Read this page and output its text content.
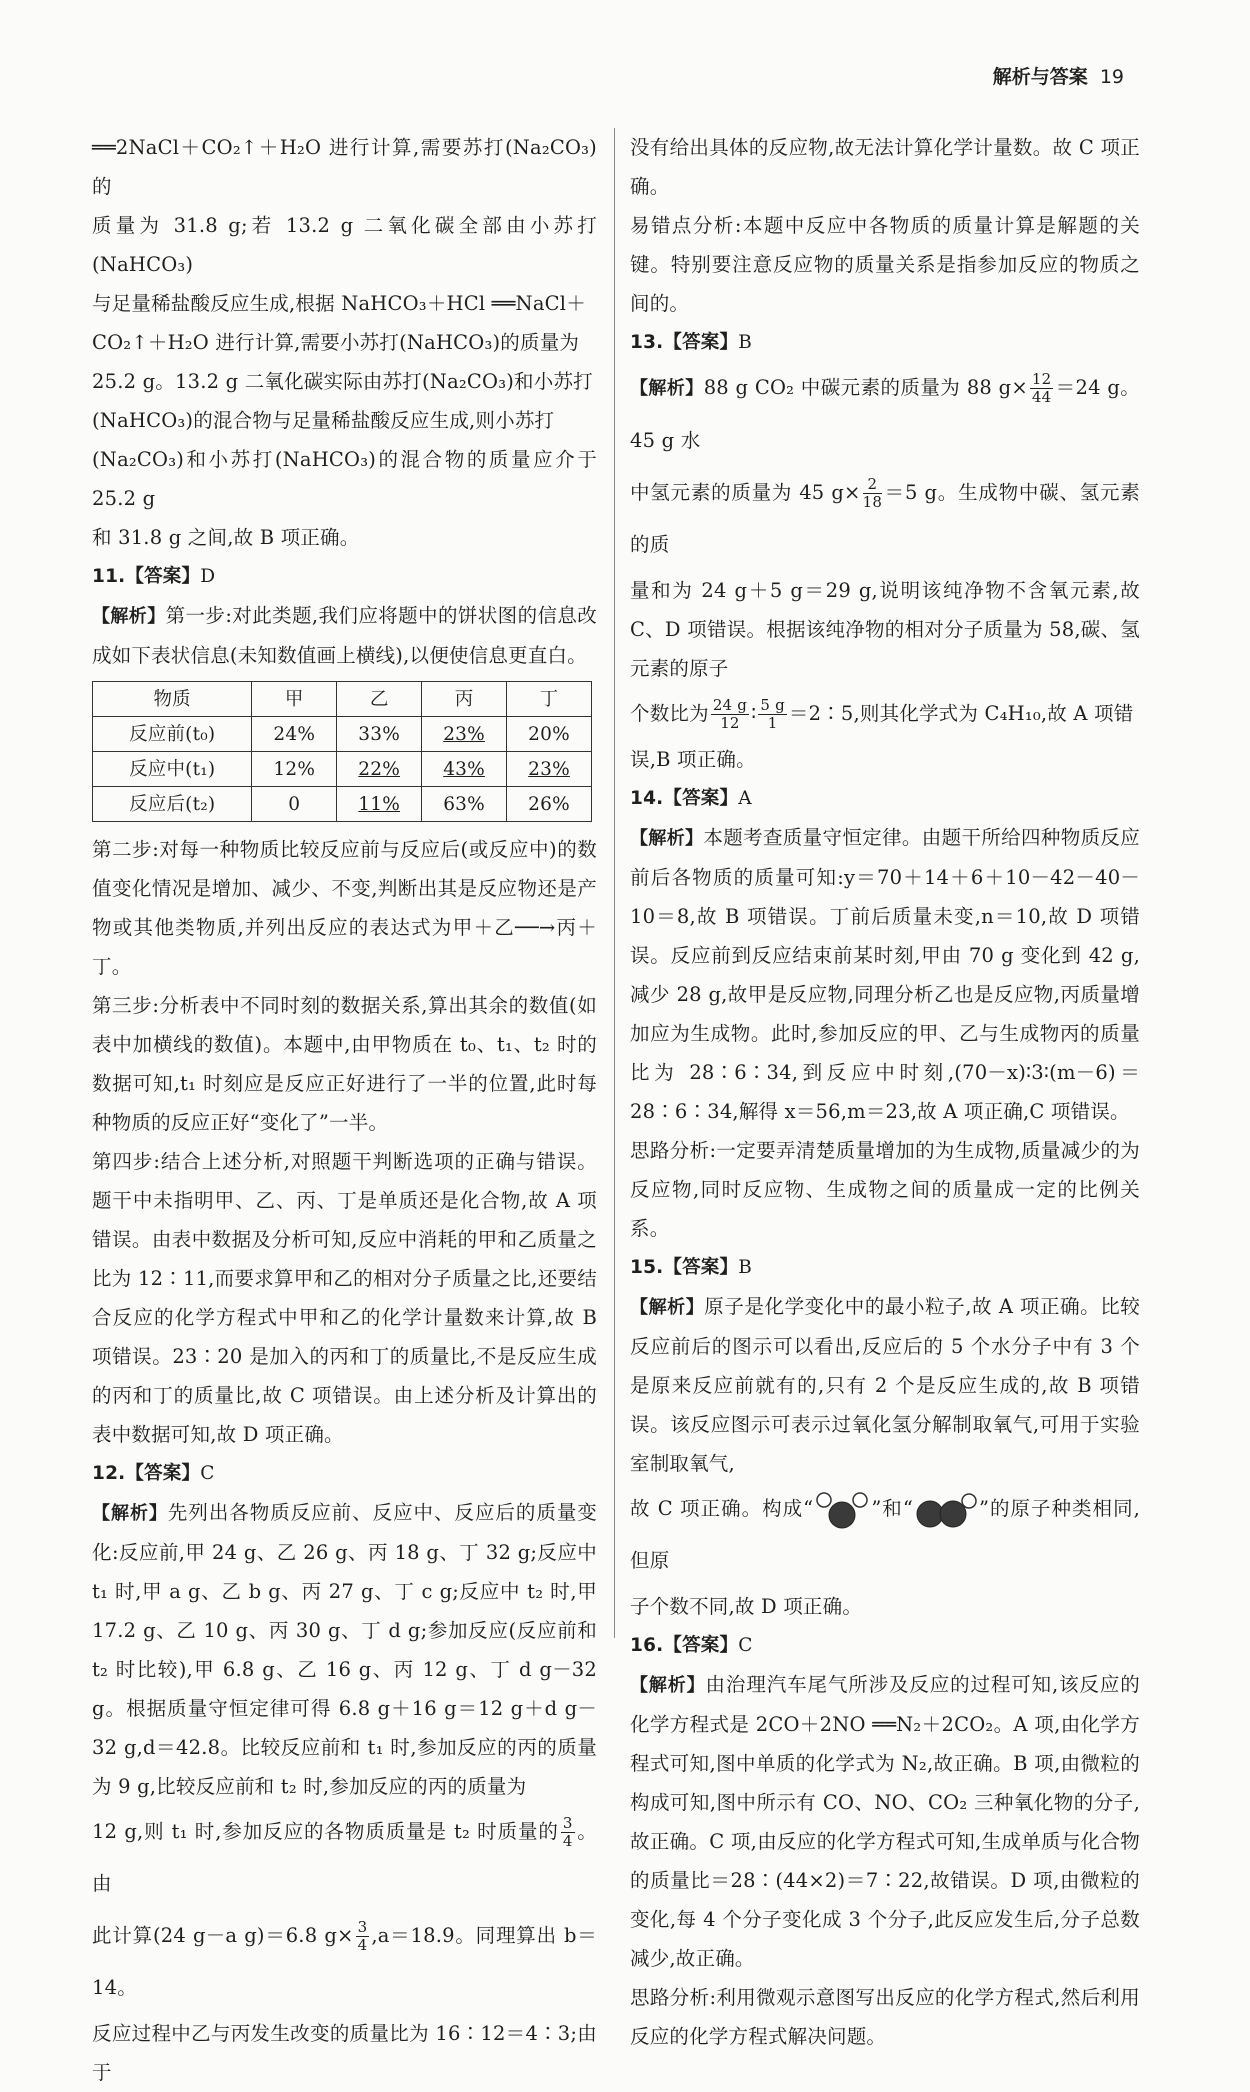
解析与答案 19
══2NaCl＋CO₂↑＋H₂O 进行计算,需要苏打(Na₂CO₃)的
质量为 31.8 g;若 13.2 g 二氧化碳全部由小苏打(NaHCO₃)
与足量稀盐酸反应生成,根据 NaHCO₃＋HCl ══NaCl＋
CO₂↑＋H₂O 进行计算,需要小苏打(NaHCO₃)的质量为
25.2 g。13.2 g 二氧化碳实际由苏打(Na₂CO₃)和小苏打
(NaHCO₃)的混合物与足量稀盐酸反应生成,则小苏打
(Na₂CO₃)和小苏打(NaHCO₃)的混合物的质量应介于 25.2 g
和 31.8 g 之间,故 B 项正确。
11.【答案】D
【解析】第一步:对此类题,我们应将题中的饼状图的信息改成如下表状信息(未知数值画上横线),以便使信息更直白。
物质	甲	乙	丙	丁
反应前(t₀)	24%	33%	23%	20%
反应中(t₁)	12%	22%	43%	23%
反应后(t₂)	0	11%	63%	26%
第二步:对每一种物质比较反应前与反应后(或反应中)的数值变化情况是增加、减少、不变,判断出其是反应物还是产物或其他类物质,并列出反应的表达式为甲＋乙──→丙＋丁。
第三步:分析表中不同时刻的数据关系,算出其余的数值(如表中加横线的数值)。本题中,由甲物质在 t₀、t₁、t₂ 时的数据可知,t₁ 时刻应是反应正好进行了一半的位置,此时每种物质的反应正好“变化了”一半。
第四步:结合上述分析,对照题干判断选项的正确与错误。题干中未指明甲、乙、丙、丁是单质还是化合物,故 A 项错误。由表中数据及分析可知,反应中消耗的甲和乙质量之比为 12∶11,而要求算甲和乙的相对分子质量之比,还要结合反应的化学方程式中甲和乙的化学计量数来计算,故 B 项错误。23∶20 是加入的丙和丁的质量比,不是反应生成的丙和丁的质量比,故 C 项错误。由上述分析及计算出的表中数据可知,故 D 项正确。
12.【答案】C
【解析】先列出各物质反应前、反应中、反应后的质量变化:反应前,甲 24 g、乙 26 g、丙 18 g、丁 32 g;反应中 t₁ 时,甲 a g、乙 b g、丙 27 g、丁 c g;反应中 t₂ 时,甲 17.2 g、乙 10 g、丙 30 g、丁 d g;参加反应(反应前和 t₂ 时比较),甲 6.8 g、乙 16 g、丙 12 g、丁 d g－32 g。根据质量守恒定律可得 6.8 g＋16 g＝12 g＋d g－32 g,d＝42.8。比较反应前和 t₁ 时,参加反应的丙的质量为 9 g,比较反应前和 t₂ 时,参加反应的丙的质量为
12 g,则 t₁ 时,参加反应的各物质质量是 t₂ 时质量的 $\frac{3}{4}$ 。由
此计算(24 g－a g)＝6.8 $g\times \frac{3}{4} ,a=18.9$。同理算出 b＝14。
反应过程中乙与丙发生改变的质量比为 16∶12＝4∶3;由于
没有给出具体的反应物,故无法计算化学计量数。故 C 项正确。
易错点分析:本题中反应中各物质的质量计算是解题的关键。特别要注意反应物的质量关系是指参加反应的物质之间的。
13.【答案】B
【解析】88 g CO₂ 中碳元素的质量为 88 $g\times \frac{12}{44} =24$ g。45 g 水
中氢元素的质量为 45 $g\times \frac{2}{18} =5$ g。生成物中碳、氢元素的质
量和为 24 g＋5 g＝29 g,说明该纯净物不含氧元素,故 C、D 项错误。根据该纯净物的相对分子质量为 58,碳、氢元素的原子
个数比为 $\frac{24 g}{12}$ ∶ $\frac{5 g}{1}$ ＝2∶5,则其化学式为 C₄H₁₀,故 A 项错
误,B 项正确。
14.【答案】A
【解析】本题考查质量守恒定律。由题干所给四种物质反应前后各物质的质量可知:y＝70＋14＋6＋10－42－40－10＝8,故 B 项错误。丁前后质量未变,n＝10,故 D 项错误。反应前到反应结束前某时刻,甲由 70 g 变化到 42 g,减少 28 g,故甲是反应物,同理分析乙也是反应物,丙质量增加应为生成物。此时,参加反应的甲、乙与生成物丙的质量比为 28∶6∶34,到反应中时刻,(70－x)∶3∶(m－6)＝28∶6∶34,解得 x＝56,m＝23,故 A 项正确,C 项错误。
思路分析:一定要弄清楚质量增加的为生成物,质量减少的为反应物,同时反应物、生成物之间的质量成一定的比例关系。
15.【答案】B
【解析】原子是化学变化中的最小粒子,故 A 项正确。比较反应前后的图示可以看出,反应后的 5 个水分子中有 3 个是原来反应前就有的,只有 2 个是反应生成的,故 B 项错误。该反应图示可表示过氧化氢分解制取氧气,可用于实验室制取氧气,
故 C 项正确。构成“	”和“	”的原子种类相同,但原
子个数不同,故 D 项正确。
16.【答案】C
【解析】由治理汽车尾气所涉及反应的过程可知,该反应的化学方程式是 2CO＋2NO ══N₂＋2CO₂。A 项,由化学方程式可知,图中单质的化学式为 N₂,故正确。B 项,由微粒的构成可知,图中所示有 CO、NO、CO₂ 三种氧化物的分子,故正确。C 项,由反应的化学方程式可知,生成单质与化合物的质量比＝28∶(44×2)＝7∶22,故错误。D 项,由微粒的变化,每 4 个分子变化成 3 个分子,此反应发生后,分子总数减少,故正确。
思路分析:利用微观示意图写出反应的化学方程式,然后利用反应的化学方程式解决问题。
